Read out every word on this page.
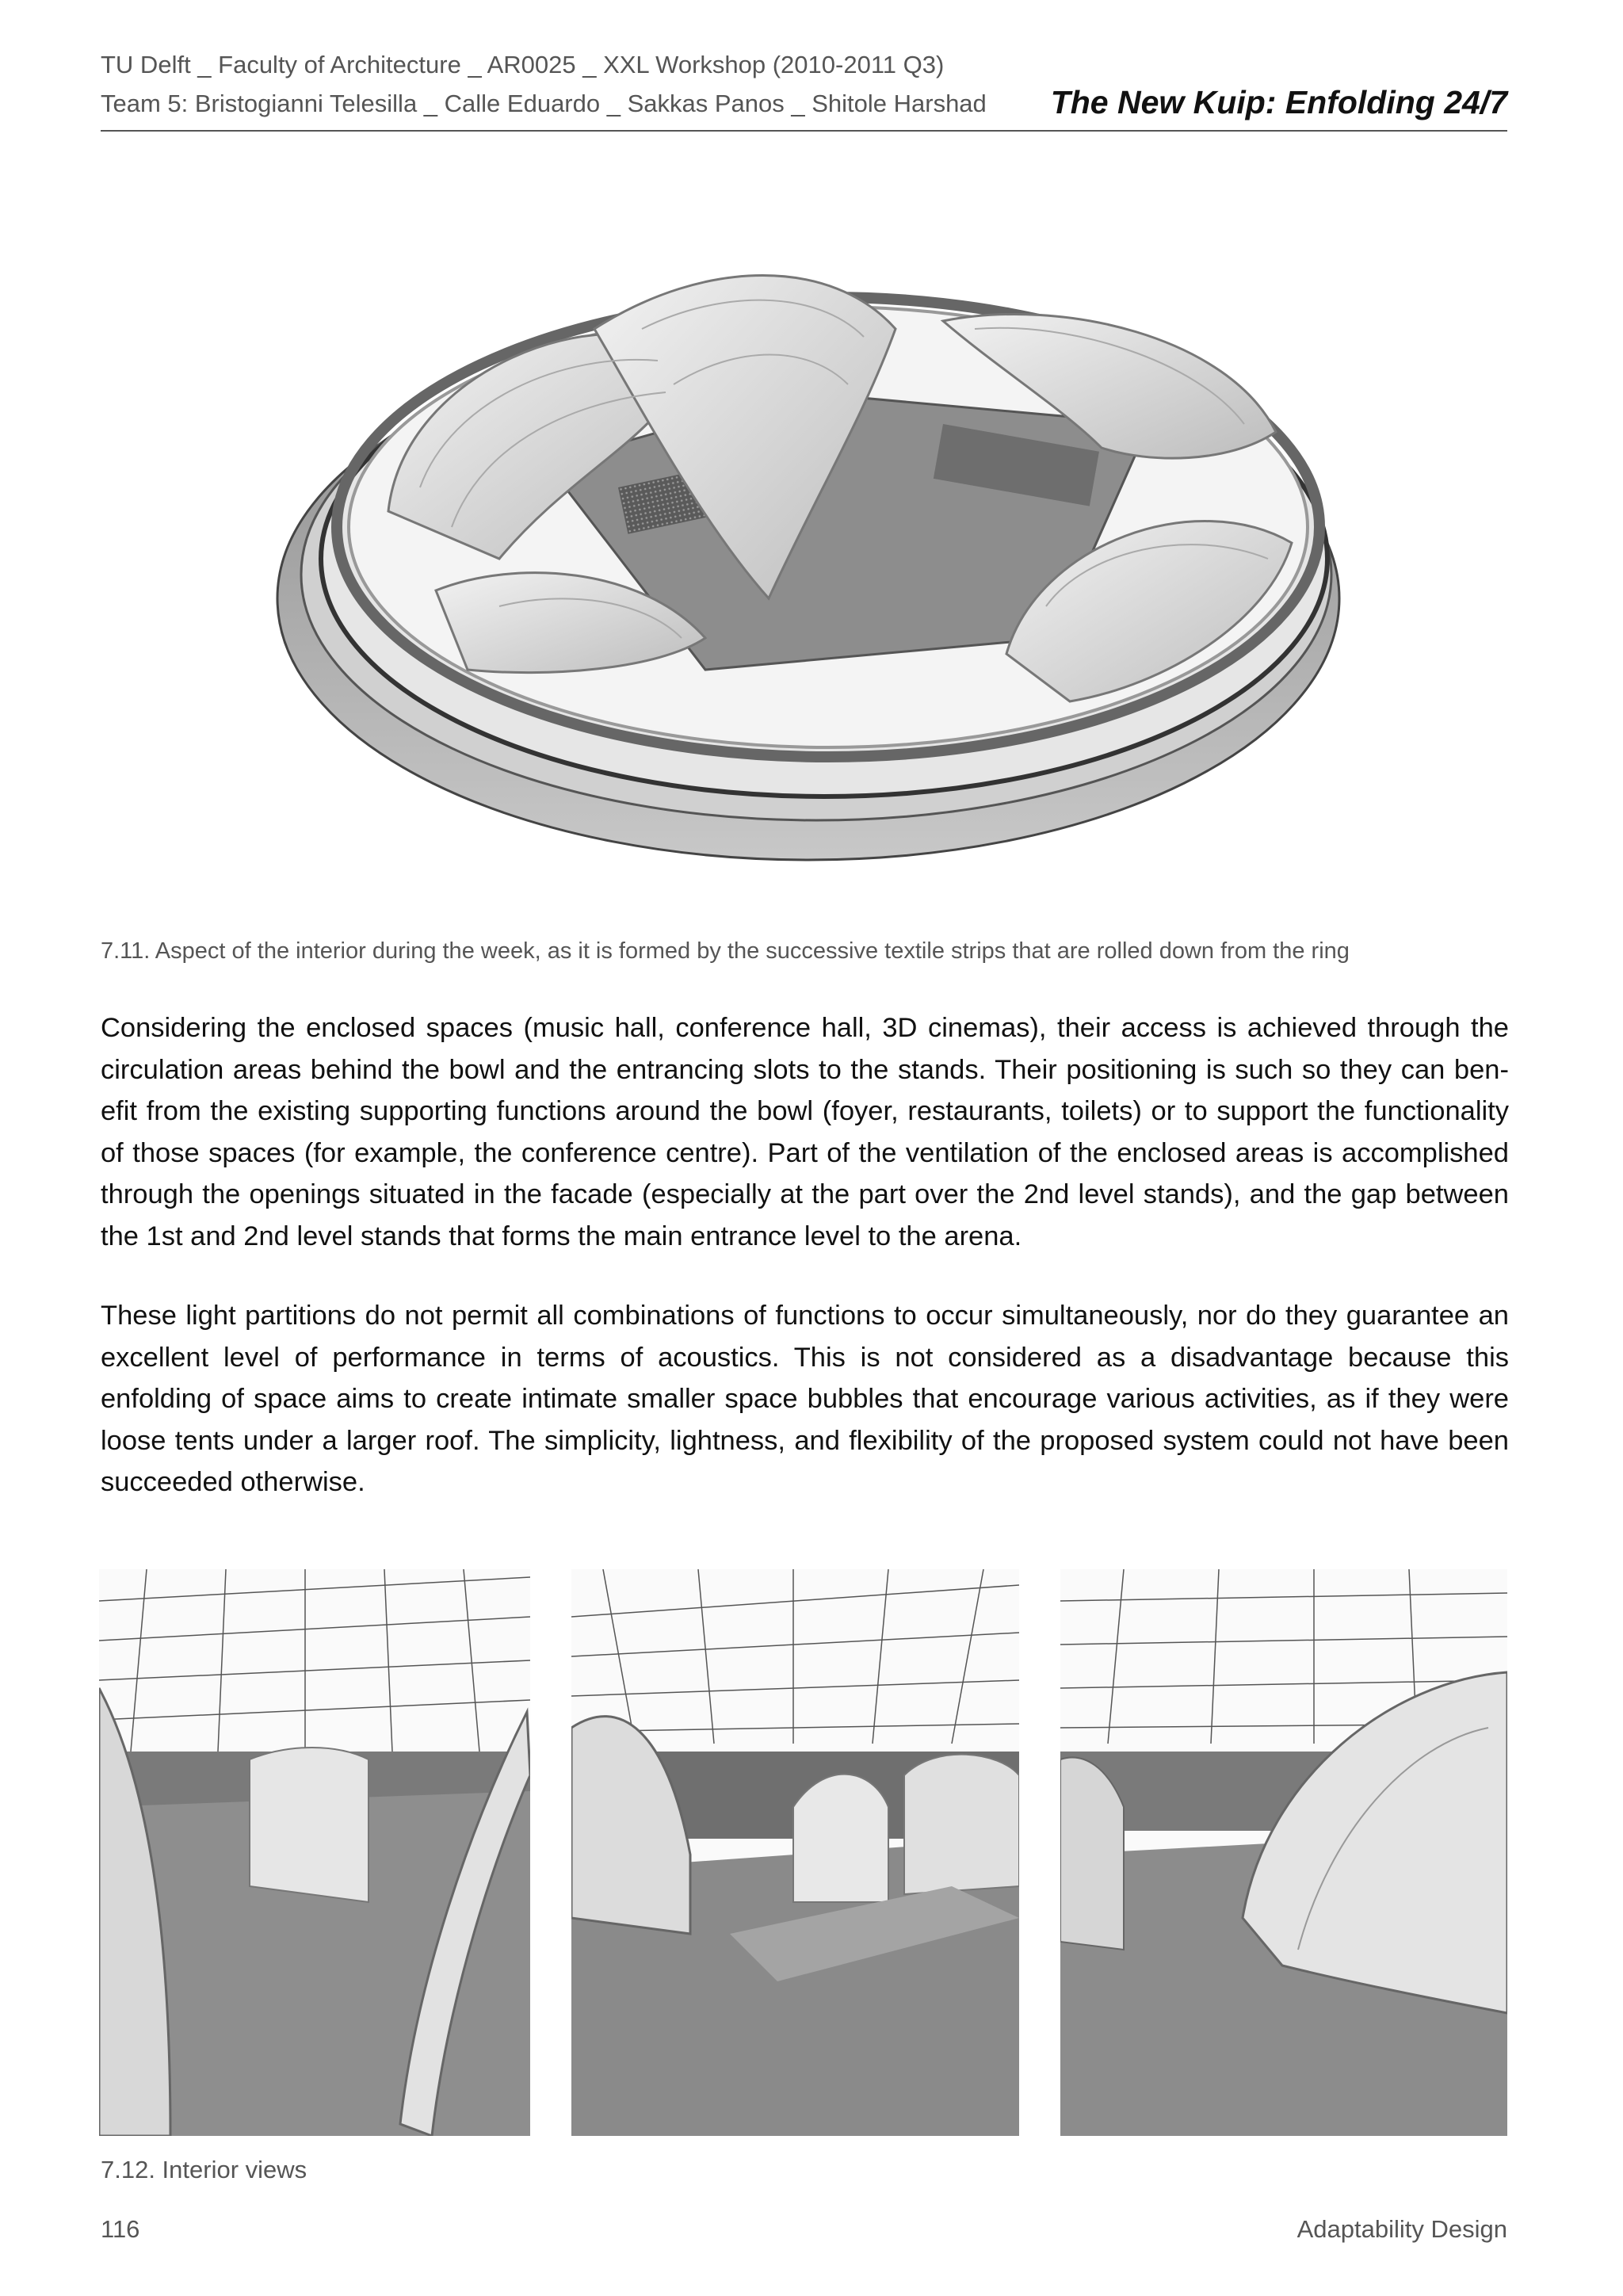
TU Delft _ Faculty of Architecture _ AR0025 _ XXL Workshop (2010-2011 Q3)
Team 5: Bristogianni Telesilla _ Calle Eduardo _ Sakkas Panos _ Shitole Harshad The New Kuip: Enfolding 24/7
7.11. Aspect of the interior during the week, as it is formed by the successive textile strips that are rolled down from the ring
Considering the enclosed spaces (music hall, conference hall, 3D cinemas), their access is achieved through the circulation areas behind the bowl and the entrancing slots to the stands. Their positioning is such so they can ben-efit from the existing supporting functions around the bowl (foyer, restaurants, toilets) or to support the functionality of those spaces (for example, the conference centre). Part of the ventilation of the enclosed areas is accomplished through the openings situated in the facade (especially at the part over the 2nd level stands), and the gap between the 1st and 2nd level stands that forms the main entrance level to the arena.
These light partitions do not permit all combinations of functions to occur simultaneously, nor do they guarantee an excellent level of performance in terms of acoustics. This is not considered as a disadvantage because this enfolding of space aims to create intimate smaller space bubbles that encourage various activities, as if they were loose tents under a larger roof. The simplicity, lightness, and flexibility of the proposed system could not have been succeeded otherwise.
7.12. Interior views
116	Adaptability Design
